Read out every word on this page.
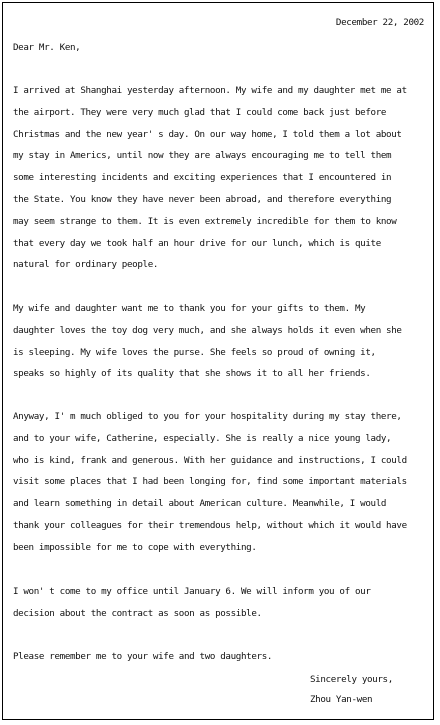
December 22, 2002
Dear Mr. Ken,

I arrived at Shanghai yesterday afternoon. My wife and my daughter met me at
the airport. They were very much glad that I could come back just before
Christmas and the new year' s day. On our way home, I told them a lot about
my stay in Americs, until now they are always encouraging me to tell them
some interesting incidents and exciting experiences that I encountered in
the State. You know they have never been abroad, and therefore everything
may seem strange to them. It is even extremely incredible for them to know
that every day we took half an hour drive for our lunch, which is quite
natural for ordinary people.

My wife and daughter want me to thank you for your gifts to them. My
daughter loves the toy dog very much, and she always holds it even when she
is sleeping. My wife loves the purse. She feels so proud of owning it,
speaks so highly of its quality that she shows it to all her friends.

Anyway, I' m much obliged to you for your hospitality during my stay there,
and to your wife, Catherine, especially. She is really a nice young lady,
who is kind, frank and generous. With her guidance and instructions, I could
visit some places that I had been longing for, find some important materials
and learn something in detail about American culture. Meanwhile, I would
thank your colleagues for their tremendous help, without which it would have
been impossible for me to cope with everything.

I won' t come to my office until January 6. We will inform you of our
decision about the contract as soon as possible.

Please remember me to your wife and two daughters.

Sincerely yours,
Zhou Yan-wen
